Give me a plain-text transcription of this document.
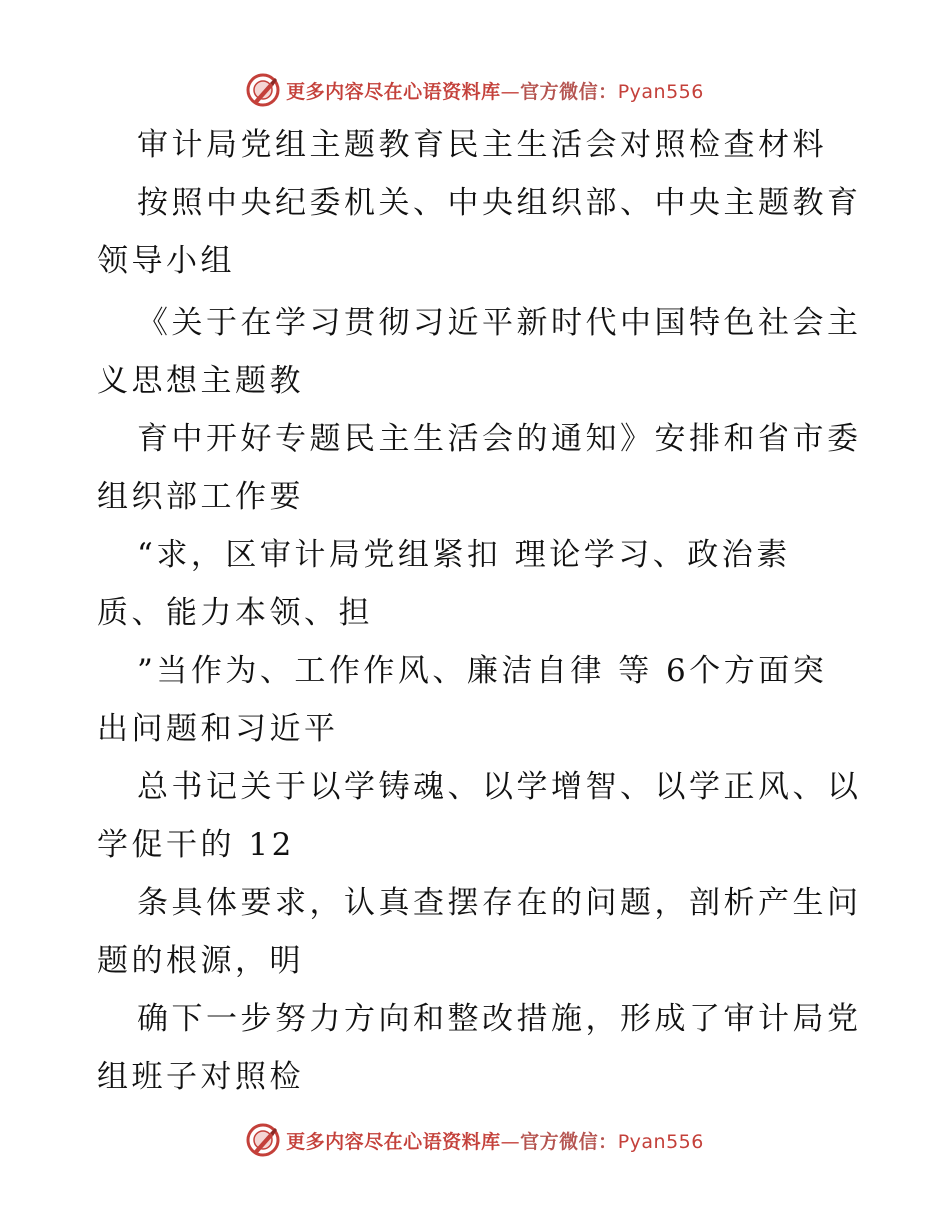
更多内容尽在心语资料库—官方微信：Pyan556
审计局党组主题教育民主生活会对照检查材料
按照中央纪委机关、中央组织部、中央主题教育
领导小组
《关于在学习贯彻习近平新时代中国特色社会主
义思想主题教
育中开好专题民主生活会的通知》安排和省市委
组织部工作要
“求，区审计局党组紧扣 理论学习、政治素
质、能力本领、担
”当作为、工作作风、廉洁自律 等 6个方面突
出问题和习近平
总书记关于以学铸魂、以学增智、以学正风、以
学促干的 12
条具体要求，认真查摆存在的问题，剖析产生问
题的根源，明
确下一步努力方向和整改措施，形成了审计局党
组班子对照检
更多内容尽在心语资料库—官方微信：Pyan556
